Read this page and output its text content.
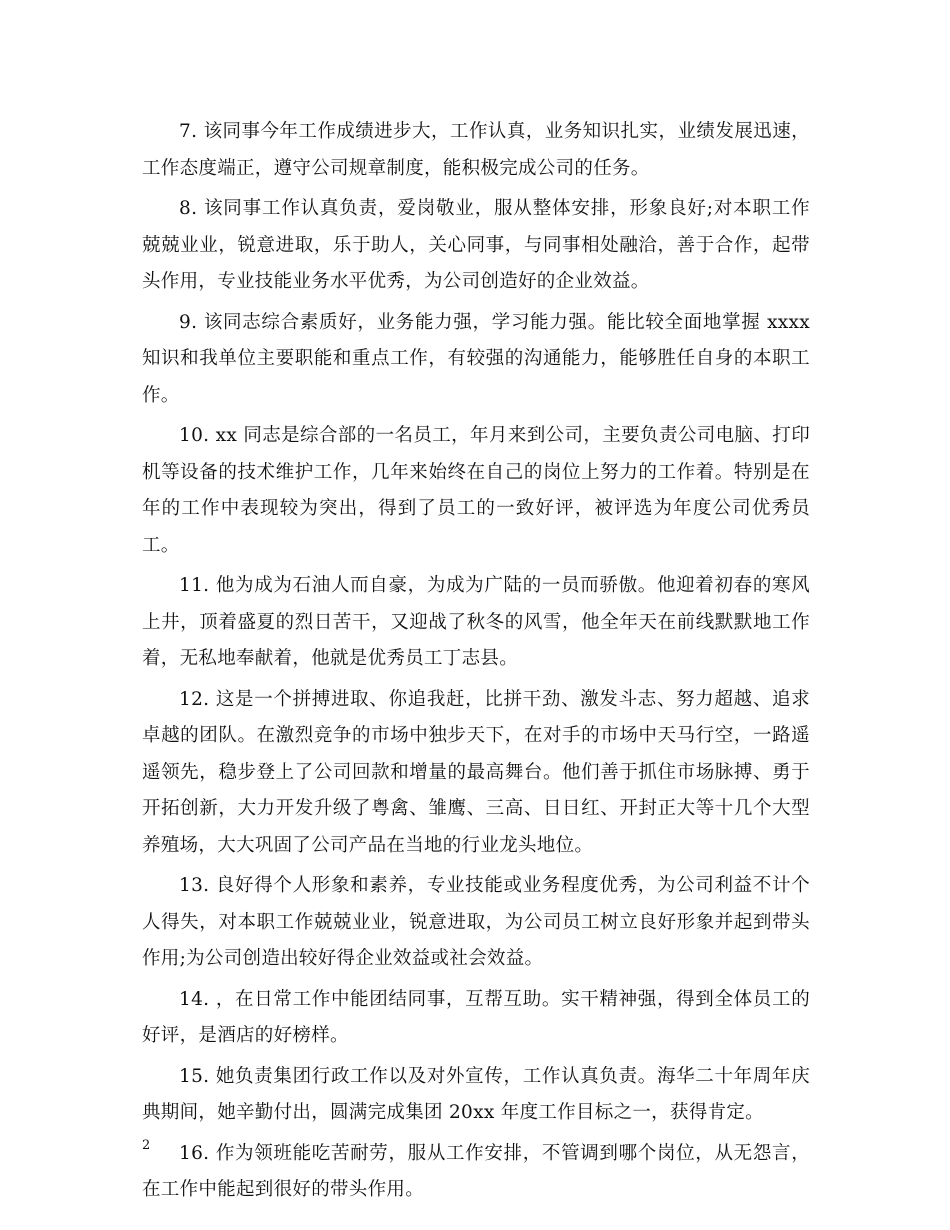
7. 该同事今年工作成绩进步大，工作认真，业务知识扎实，业绩发展迅速，工作态度端正，遵守公司规章制度，能积极完成公司的任务。

8. 该同事工作认真负责，爱岗敬业，服从整体安排，形象良好;对本职工作兢兢业业，锐意进取，乐于助人，关心同事，与同事相处融洽，善于合作，起带头作用，专业技能业务水平优秀，为公司创造好的企业效益。

9. 该同志综合素质好，业务能力强，学习能力强。能比较全面地掌握 xxxx 知识和我单位主要职能和重点工作，有较强的沟通能力，能够胜任自身的本职工作。

10. xx 同志是综合部的一名员工，年月来到公司，主要负责公司电脑、打印机等设备的技术维护工作，几年来始终在自己的岗位上努力的工作着。特别是在年的工作中表现较为突出，得到了员工的一致好评，被评选为年度公司优秀员工。

11. 他为成为石油人而自豪，为成为广陆的一员而骄傲。他迎着初春的寒风上井，顶着盛夏的烈日苦干，又迎战了秋冬的风雪，他全年天在前线默默地工作着，无私地奉献着，他就是优秀员工丁志县。

12. 这是一个拼搏进取、你追我赶，比拼干劲、激发斗志、努力超越、追求卓越的团队。在激烈竞争的市场中独步天下，在对手的市场中天马行空，一路遥遥领先，稳步登上了公司回款和增量的最高舞台。他们善于抓住市场脉搏、勇于开拓创新，大力开发升级了粤禽、雏鹰、三高、日日红、开封正大等十几个大型养殖场，大大巩固了公司产品在当地的行业龙头地位。

13. 良好得个人形象和素养，专业技能或业务程度优秀，为公司利益不计个人得失，对本职工作兢兢业业，锐意进取，为公司员工树立良好形象并起到带头作用;为公司创造出较好得企业效益或社会效益。

14. ，在日常工作中能团结同事，互帮互助。实干精神强，得到全体员工的好评，是酒店的好榜样。

15. 她负责集团行政工作以及对外宣传，工作认真负责。海华二十年周年庆典期间，她辛勤付出，圆满完成集团 20xx 年度工作目标之一，获得肯定。

16. 作为领班能吃苦耐劳，服从工作安排，不管调到哪个岗位，从无怨言，在工作中能起到很好的带头作用。

2
